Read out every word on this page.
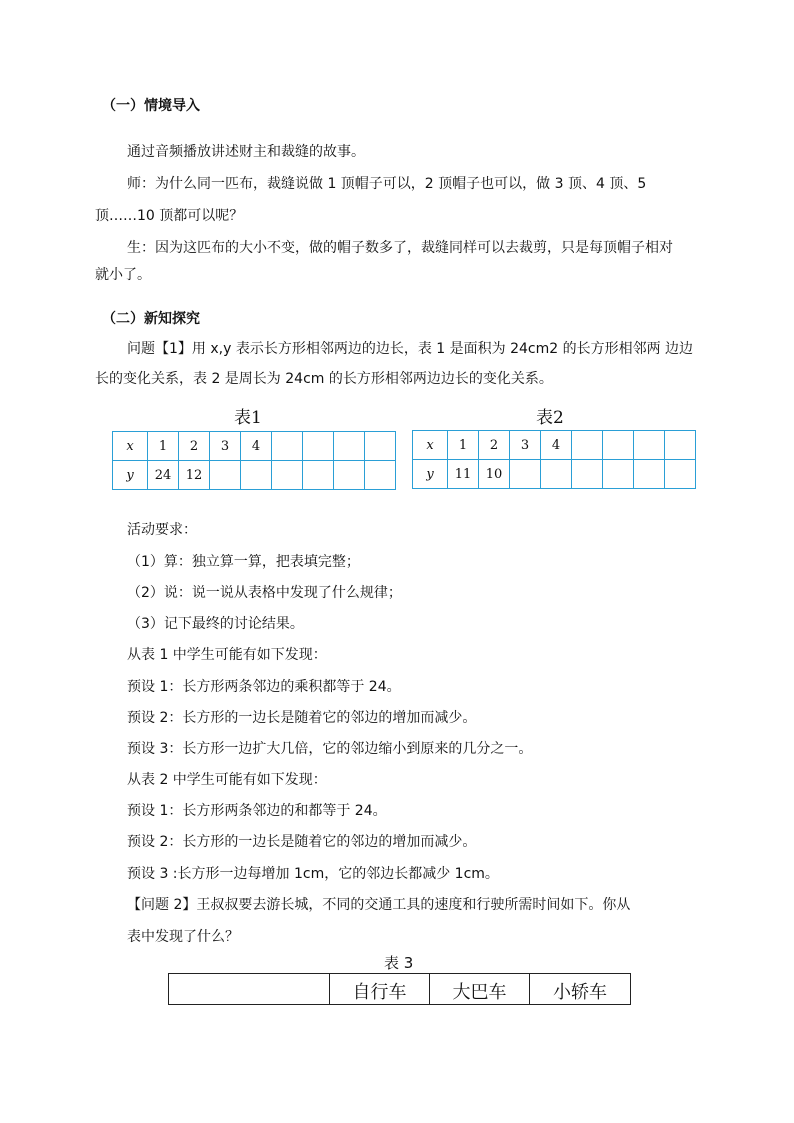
（一）情境导入
通过音频播放讲述财主和裁缝的故事。
师：为什么同一匹布，裁缝说做 1 顶帽子可以，2 顶帽子也可以，做 3 顶、4 顶、5
顶……10 顶都可以呢？
生：因为这匹布的大小不变，做的帽子数多了，裁缝同样可以去裁剪，只是每顶帽子相对
就小了。
（二）新知探究
问题【1】用 x,y 表示长方形相邻两边的边长，表 1 是面积为 24cm2 的长方形相邻两 边边
长的变化关系，表 2 是周长为 24cm 的长方形相邻两边边长的变化关系。
表1
x	1	2	3	4				
y	24	12						
表2
x	1	2	3	4				
y	11	10						
活动要求：
（1）算：独立算一算，把表填完整；
（2）说：说一说从表格中发现了什么规律；
（3）记下最终的讨论结果。
从表 1 中学生可能有如下发现：
预设 1：长方形两条邻边的乘积都等于 24。
预设 2：长方形的一边长是随着它的邻边的增加而减少。
预设 3：长方形一边扩大几倍，它的邻边缩小到原来的几分之一。
从表 2 中学生可能有如下发现：
预设 1：长方形两条邻边的和都等于 24。
预设 2：长方形的一边长是随着它的邻边的增加而减少。
预设 3 :长方形一边每增加 1cm，它的邻边长都减少 1cm。
【问题 2】王叔叔要去游长城，不同的交通工具的速度和行驶所需时间如下。你从
表中发现了什么？
表 3
	自行车	大巴车	小轿车
